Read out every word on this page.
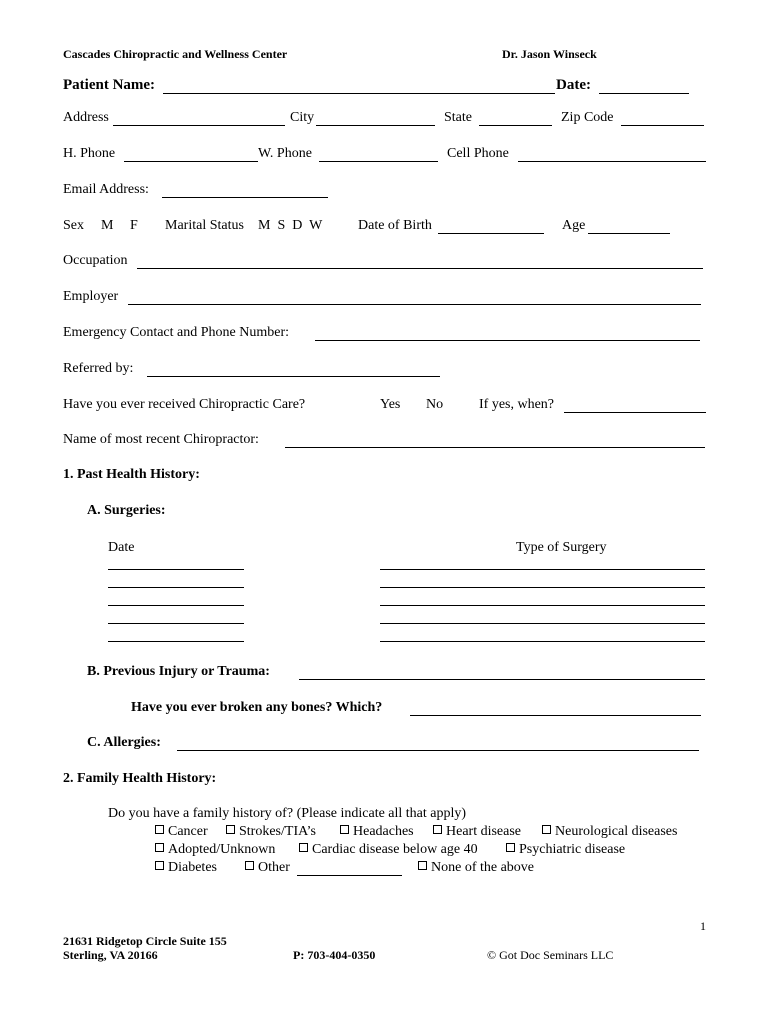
Cascades Chiropractic and Wellness Center	Dr. Jason Winseck
Patient Name:	Date:
Address	City	State	Zip Code
H. Phone	W. Phone	Cell Phone
Email Address:
Sex M F Marital Status M  S  D  W	Date of Birth	Age
Occupation
Employer
Emergency Contact and Phone Number:
Referred by:
Have you ever received Chiropractic Care?	Yes No	If yes, when?
Name of most recent Chiropractor:
1. Past Health History:
A. Surgeries:
Date	Type of Surgery
B. Previous Injury or Trauma:
Have you ever broken any bones? Which?
C. Allergies:
2. Family Health History:
Do you have a family history of? (Please indicate all that apply)
Cancer	Strokes/TIA’s	Headaches	Heart disease	Neurological diseases
Adopted/Unknown	Cardiac disease below age 40	Psychiatric disease
Diabetes	Other	None of the above
1
21631 Ridgetop Circle Suite 155
Sterling, VA 20166	P: 703-404-0350	© Got Doc Seminars LLC
